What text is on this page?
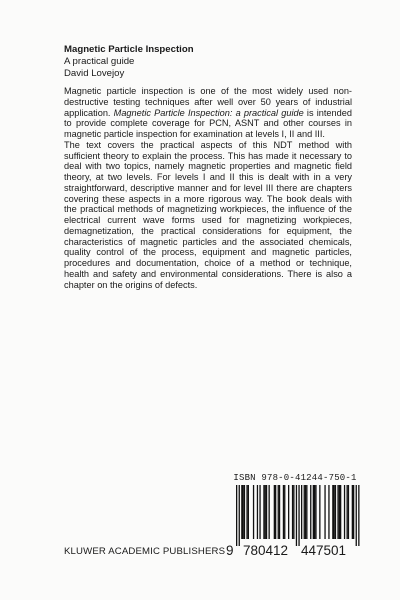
Magnetic Particle Inspection
A practical guide
David Lovejoy

Magnetic particle inspection is one of the most widely used non-destructive testing techniques after well over 50 years of industrial application. Magnetic Particle Inspection: a practical guide is intended to provide complete coverage for PCN, ASNT and other courses in magnetic particle inspection for examination at levels I, II and III.

The text covers the practical aspects of this NDT method with sufficient theory to explain the process. This has made it necessary to deal with two topics, namely magnetic properties and magnetic field theory, at two levels. For levels I and II this is dealt with in a very straightforward, descriptive manner and for level III there are chapters covering these aspects in a more rigorous way. The book deals with the practical methods of magnetizing workpieces, the influence of the electrical current wave forms used for magnetizing workpieces, demagnetization, the practical considerations for equipment, the characteristics of magnetic particles and the associated chemicals, quality control of the process, equipment and magnetic particles, procedures and documentation, choice of a method or technique, health and safety and environmental considerations. There is also a chapter on the origins of defects.

KLUWER ACADEMIC PUBLISHERS
ISBN 978-0-41244-750-1
9 780412 447501
